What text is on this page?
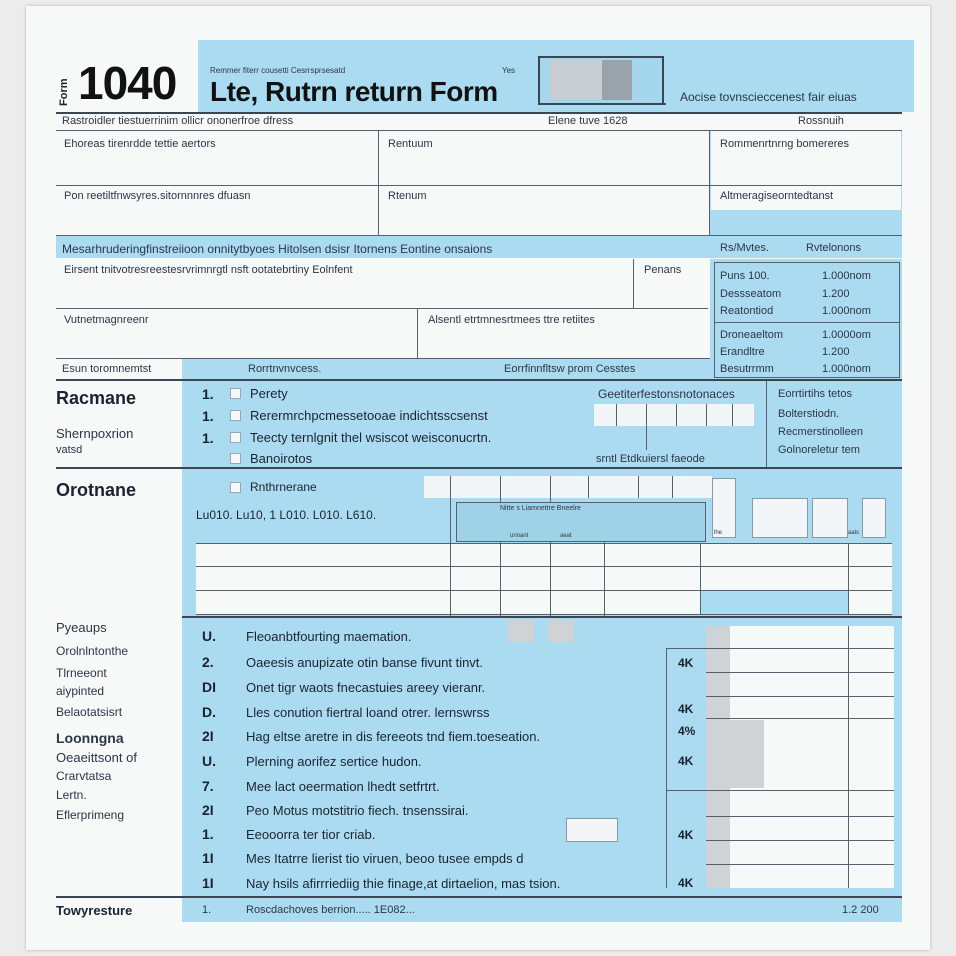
Form 1040	Remmer fiterr cousetti Cesrrsprsesatd	Yes
Lte, Rutrn return Form	Aocise tovnscieccenest fair eiuas
Rastroidler tiestuerrinim ollicr ononerfroe dfress	Elene tuve 1628	Rossnuih
Ehoreas tirenrdde tettie aertors	Rentuum	Rommenrtnrng bomereres
Pon reetiltfnwsyres.sitornnnres dfuasn	Rtenum	Altmeragiseorntedtanst
Mesarhruderingfinstreiioon onnitytbyoes Hitolsen dsisr Itornens Eontine onsaions	Rs/Mvtes.	Rvtelonons
Eirsent tnitvotresreestesrvrimnrgtl nsft ootatebrtiny Eolnfent	Penans
Vutnetmagnreenr	Alsentl etrtmnesrtmees ttre retiites
Puns 100.	1.000nom
Dessseatom	1.200
Reatontiod	1.000nom
Droneaeltom	1.0000om
Erandltre	1.200
Besutrrmm	1.000nom
Esun toromnemtst	Rorrtnvnvcess.	Eorrfinnfltsw prom Cesstes
Racmane
Shernpoxrion
vatsd
1.	Perety
1.	Rerermrchpcmessetooae indichtsscsenst
1.	Teecty ternlgnit thel wsiscot weisconucrtn.
Banoirotos
Geetiterfestonsnotonaces
srntl Etdkuiersl faeode
Eorrtirtihs tetos
Bolterstiodn.
Recmerstinolleen
Golnoreletur tem
Orotnane	Rnthrnerane
Lu010. Lu10, 1 L010. L010. L610.	Nitte s Liamnettre Bneelre
unnanl	aeat	lhe	aals
Pyeaups
Orolnlntonthe
Tlrneeont
aiypinted
Belaotatsisrt
Loonngna
Oeaeittsont of
Crarvtatsa
Lertn.
Eflerprimeng
U. Fleoanbtfourting maemation.
2. Oaeesis anupizate otin banse fivunt tinvt.	4K
DI Onet tigr waots fnecastuies areey vieranr.
D. Lles conution fiertral loand otrer. lernswrss	4K
2I Hag eltse aretre in dis fereeots tnd fiem.toeseation.	4%
U. Plerning aorifez sertice hudon.	4K
7. Mee lact oeermation lhedt setfrtrt.
2I Peo Motus motstitrio fiech. tnsenssirai.
1. Eeooorra ter tior criab.	4K
1I Mes Itatrre lierist tio viruen, beoo tusee empds d
1I Nay hsils afirrriediig thie finage,at dirtaelion, mas tsion.	4K
Towyresture	1.	Roscdachoves berrion..... 1E082...	1.2 200
